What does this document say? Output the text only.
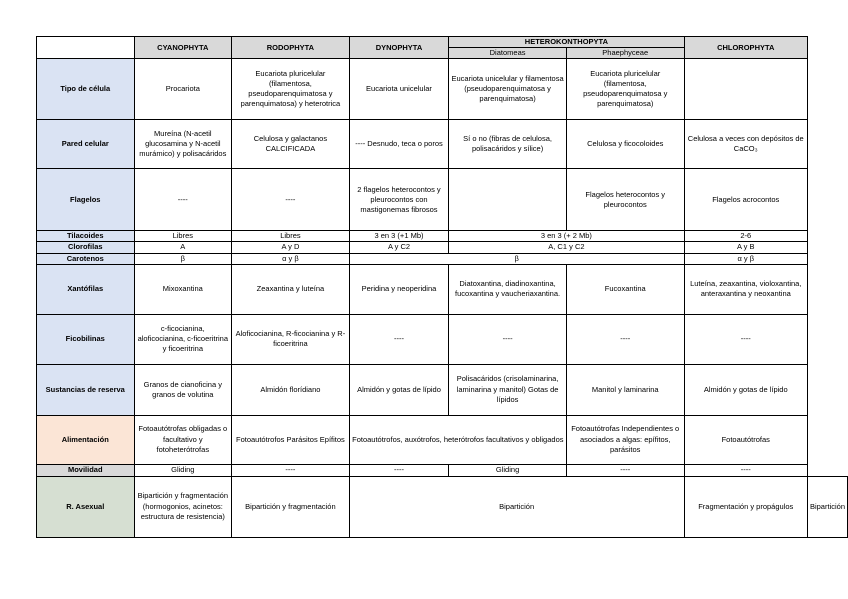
	CYANOPHYTA	RODOPHYTA	DYNOPHYTA	HETEROKONTHOPYTA		CHLOROPHYTA	
				Diatomeas	Phaephyceae		
Tipo de célula	Procariota	Eucariota pluricelular (filamentosa, pseudoparenquimatosa y parenquimatosa) y heterotrica	Eucariota unicelular	Eucariota unicelular y filamentosa (pseudoparenquimatosa y parenquimatosa)	Eucariota pluricelular (filamentosa, pseudoparenquimatosa y parenquimatosa)		
Pared celular	Mureína (N-acetil glucosamina y N-acetil murámico) y polisacáridos	Celulosa y galactanos CALCIFICADA	---- Desnudo, teca o poros	Sí o no (fibras de celulosa, polisacáridos y sílice)	Celulosa y ficocoloides	Celulosa a veces con depósitos de CaCO₃	
Flagelos	----	----	2 flagelos heterocontos y pleurocontos con mastigonemas fibrosos		Flagelos heterocontos y pleurocontos	Flagelos acrocontos	
Tilacoides	Libres	Libres	3 en 3 (+1 Mb)	3 en 3 (+ 2 Mb)		2-6	
Clorofilas	A	A y D	A y C2	A, C1 y C2		A y B	
Carotenos	β	α y β	β			α y β	
Xantófilas	Mixoxantina	Zeaxantina y luteína	Peridina y neoperidina	Diatoxantina, diadinoxantina, fucoxantina y vaucheriaxantina.	Fucoxantina	Luteína, zeaxantina, violoxantina, anteraxantina y neoxantina	
Ficobilinas	c-ficocianina, aloficocianina, c-ficoeritrina y ficoeritrina	Aloficocianina, R-ficocianina y R-ficoeritrina	----	----	----	----	
Sustancias de reserva	Granos de cianoficina y granos de volutina	Almidón florídiano	Almidón y gotas de lípido	Polisacáridos (crisolaminarina, laminarina y manitol) Gotas de lípidos	Manitol y laminarina	Almidón y gotas de lípido	
Alimentación	Fotoautótrofas obligadas o facultativo y fotoheterótrofas	Fotoautótrofos Parásitos Epífitos	Fotoautótrofos, auxótrofos, heterótrofos facultativos y obligados		Fotoautótrofas Independientes o asociados a algas: epífitos, parásitos	Fotoautótrofas	
Movilidad	Gliding	----	----	Gliding	----	----	
R. Asexual	Bipartición y fragmentación (hormogonios, acinetos: estructura de resistencia)	Bipartición y fragmentación	Bipartición			Fragmentación y propágulos	Bipartición
